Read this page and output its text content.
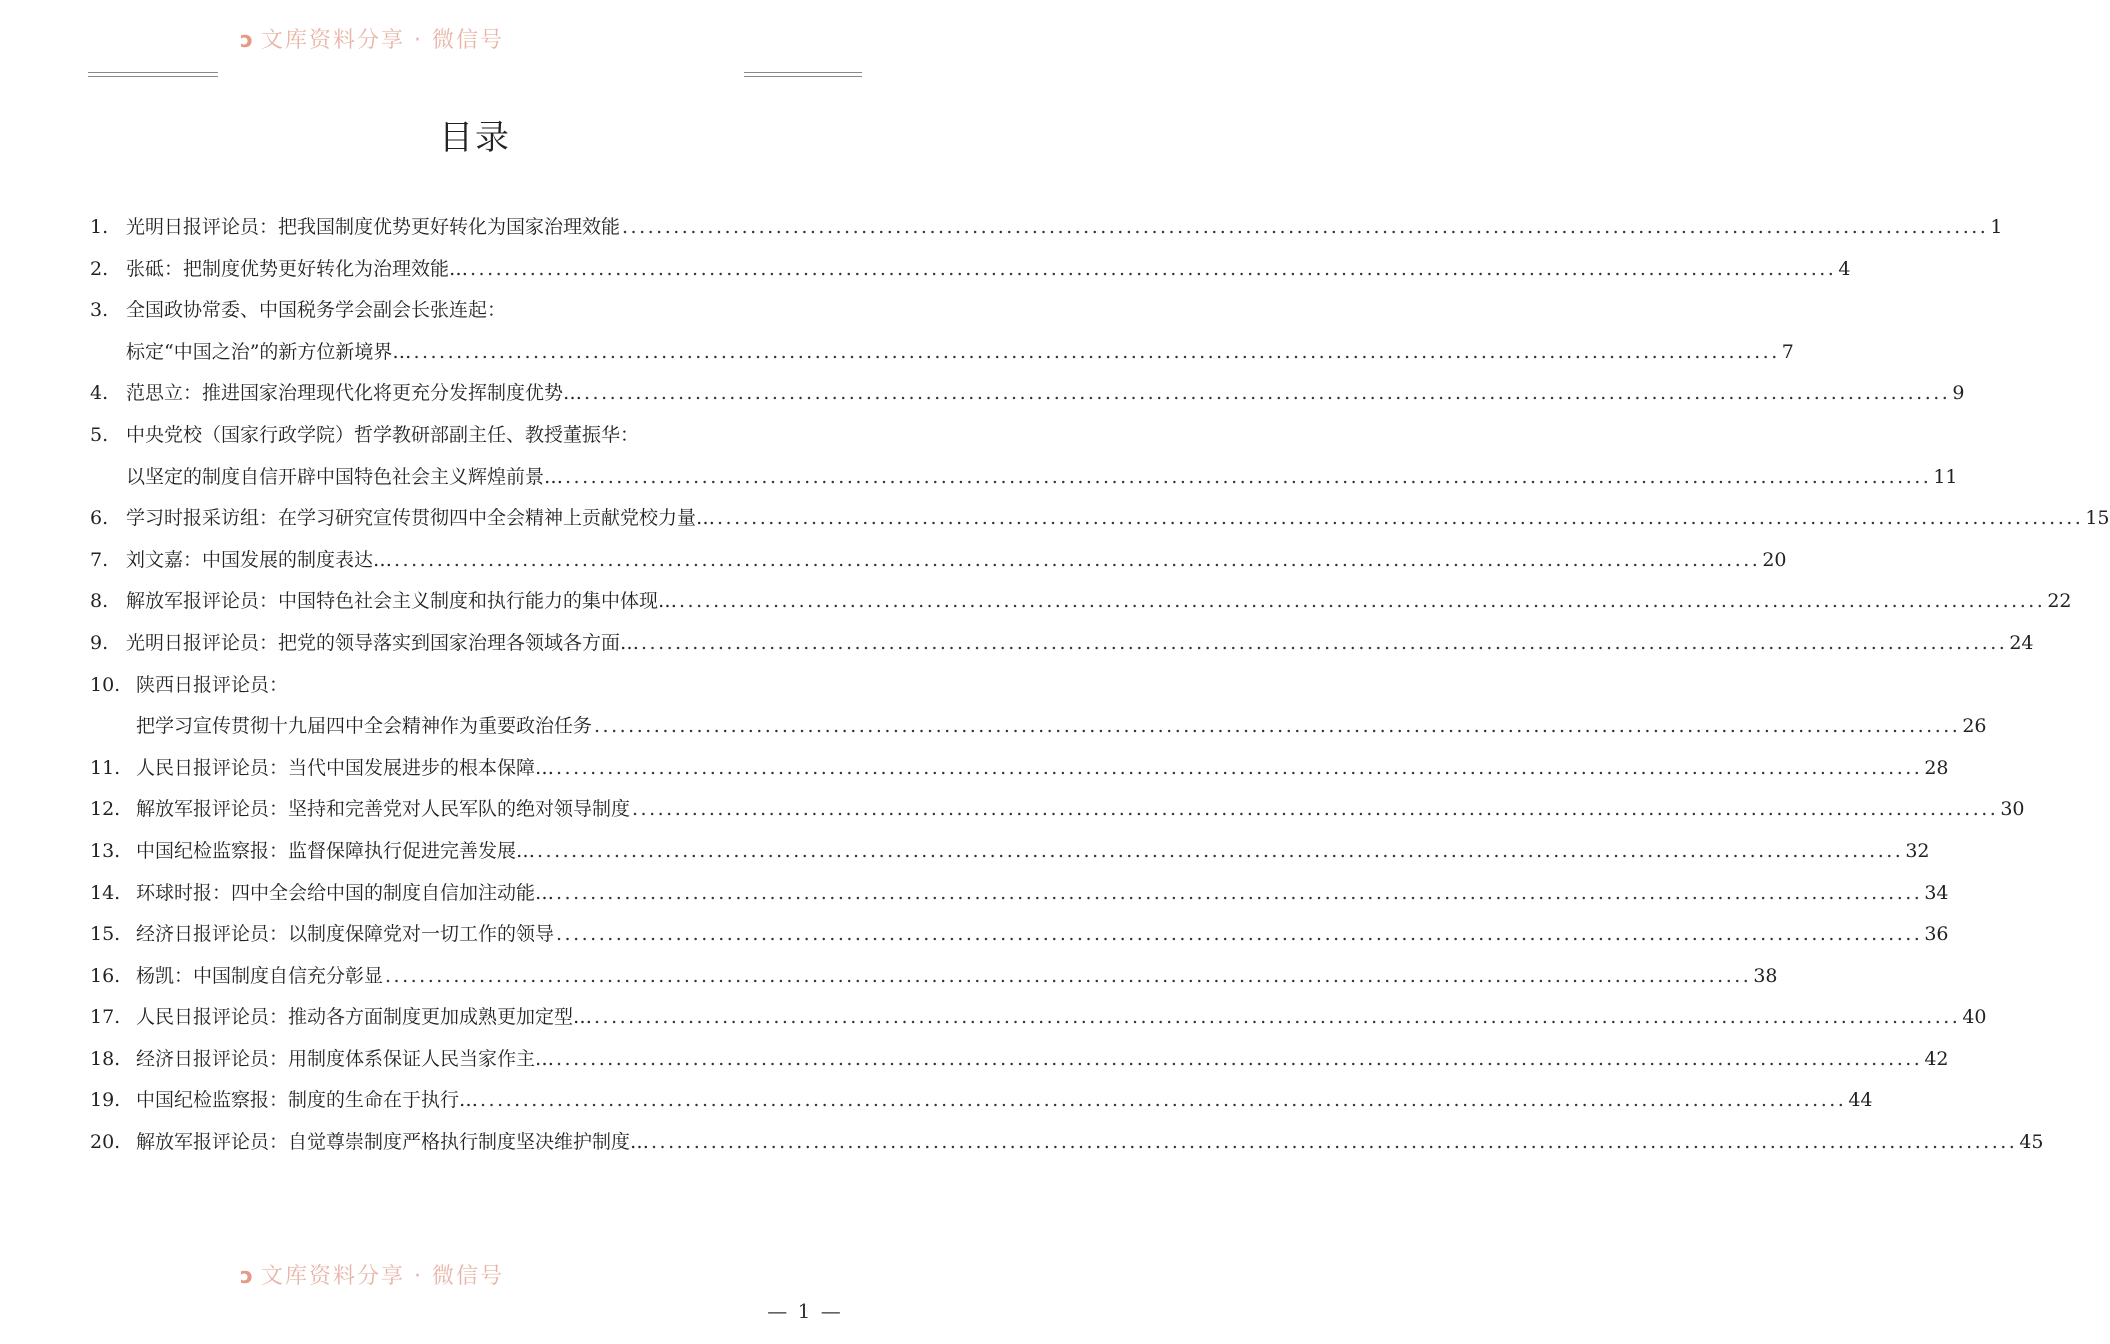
ↄ 文库资料分享 · 微信号
目录
1. 光明日报评论员：把我国制度优势更好转化为国家治理效能 .....	1
2. 张砥：把制度优势更好转化为治理效能… .....	4
3. 全国政协常委、中国税务学会副会长张连起：
标定“中国之治”的新方位新境界… .....	7
4. 范思立：推进国家治理现代化将更充分发挥制度优势… .....	9
5. 中央党校（国家行政学院）哲学教研部副主任、教授董振华：
以坚定的制度自信开辟中国特色社会主义辉煌前景… .....	11
6. 学习时报采访组：在学习研究宣传贯彻四中全会精神上贡献党校力量… .....	15
7. 刘文嘉：中国发展的制度表达… .....	20
8. 解放军报评论员：中国特色社会主义制度和执行能力的集中体现… .....	22
9. 光明日报评论员：把党的领导落实到国家治理各领域各方面… .....	24
10. 陕西日报评论员：
把学习宣传贯彻十九届四中全会精神作为重要政治任务 .....	26
11. 人民日报评论员：当代中国发展进步的根本保障… .....	28
12. 解放军报评论员：坚持和完善党对人民军队的绝对领导制度 .....	30
13. 中国纪检监察报：监督保障执行促进完善发展… .....	32
14. 环球时报：四中全会给中国的制度自信加注动能… .....	34
15. 经济日报评论员：以制度保障党对一切工作的领导 .....	36
16. 杨凯：中国制度自信充分彰显 .....	38
17. 人民日报评论员：推动各方面制度更加成熟更加定型… .....	40
18. 经济日报评论员：用制度体系保证人民当家作主… .....	42
19. 中国纪检监察报：制度的生命在于执行… .....	44
20. 解放军报评论员：自觉尊崇制度严格执行制度坚决维护制度… .....	45
ↄ 文库资料分享 · 微信号
— 1 —
